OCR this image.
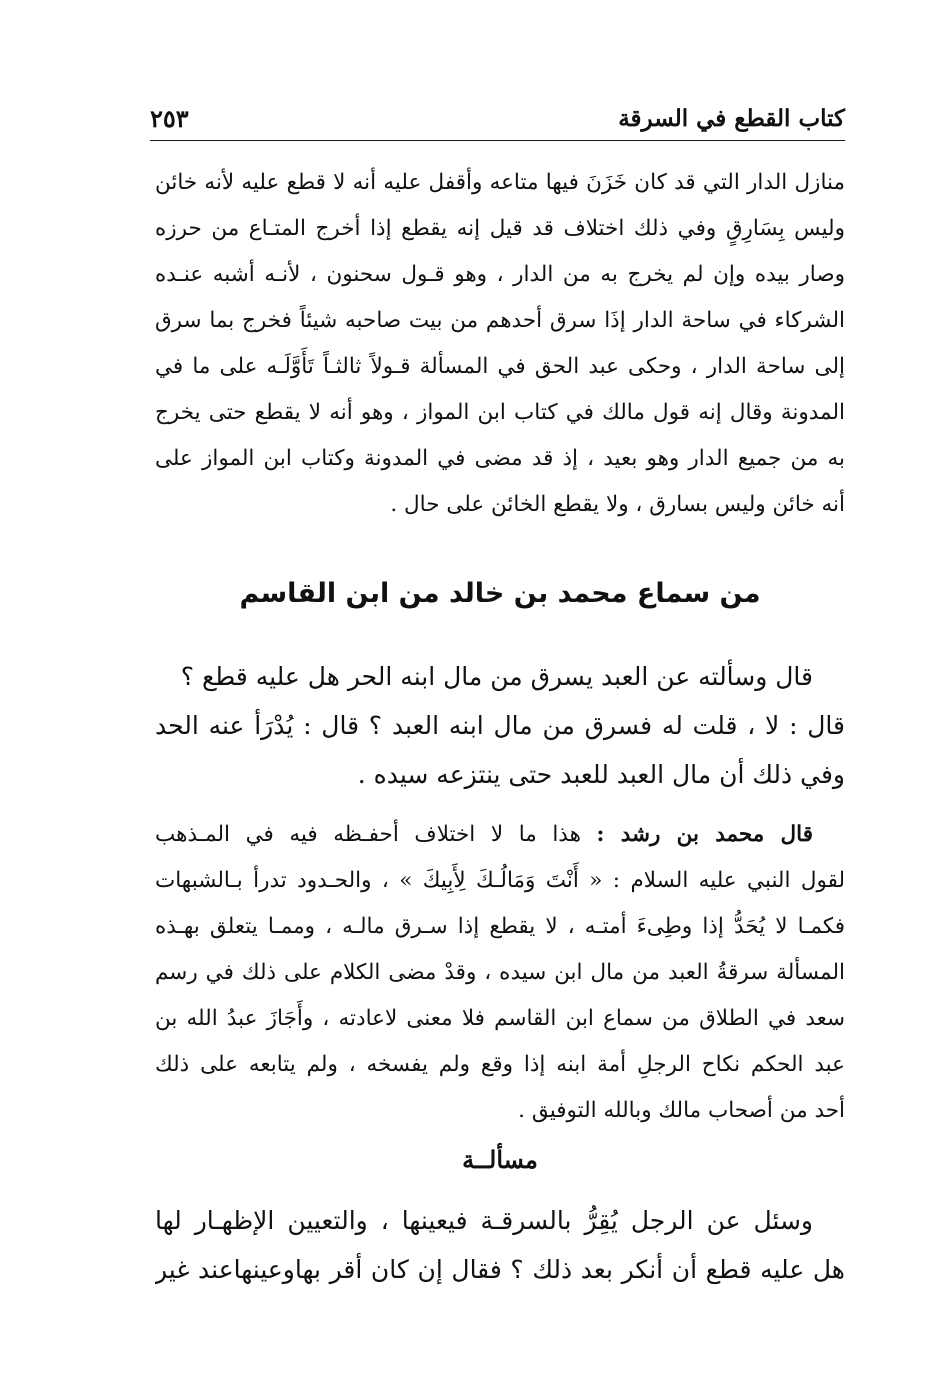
كتاب القطع في السرقة
٢٥٣
منازل الدار التي قد كان خَزَنَ فيها متاعه وأقفل عليه أنه لا قطع عليه لأنه خائن
وليس بِسَارِقٍ وفي ذلك اختلاف قد قيل إنه يقطع إذا أخرج المتـاع من حرزه
وصار بيده وإن لم يخرج به من الدار ، وهو قـول سحنون ، لأنـه أشبه عنـده
الشركاء في ساحة الدار إذَا سرق أحدهم من بيت صاحبه شيئاً فخرج بما سرق
إلى ساحة الدار ، وحكى عبد الحق في المسألة قـولاً ثالثـاً تَأَوَّلَـه على ما في
المدونة وقال إنه قول مالك في كتاب ابن المواز ، وهو أنه لا يقطع حتى يخرج
به من جميع الدار وهو بعيد ، إذ قد مضى في المدونة وكتاب ابن المواز على
أنه خائن وليس بسارق ، ولا يقطع الخائن على حال .
من سماع محمد بن خالد من ابن القاسم
قال وسألته عن العبد يسرق من مال ابنه الحر هل عليه قطع ؟
قال : لا ، قلت له فسرق من مال ابنه العبد ؟ قال : يُدْرَأ عنه الحد
وفي ذلك أن مال العبد للعبد حتى ينتزعه سيده .
قال محمد بن رشد : هذا ما لا اختلاف أحفـظه فيه في المـذهب
لقول النبي عليه السلام : « أَنْتَ وَمَالُـكَ لِأَبِيكَ » ، والحـدود تدرأ بـالشبهات
فكمـا لا يُحَدُّ إذا وطِىءَ أمتـه ، لا يقطع إذا سـرق مالـه ، وممـا يتعلق بهـذه
المسألة سرقةُ العبد من مال ابن سيده ، وقدْ مضى الكلام على ذلك في رسم
سعد في الطلاق من سماع ابن القاسم فلا معنى لاعادته ، وأَجَازَ عبدُ الله بن
عبد الحكم نكاح الرجلِ أمة ابنه إذا وقع ولم يفسخه ، ولم يتابعه على ذلك
أحد من أصحاب مالك وبالله التوفيق .
مسألــة
وسئل عن الرجل يُقِرُّ بالسرقـة فيعينها ، والتعيين الإظهـار لها
هل عليه قطع أن أنكر بعد ذلك ؟ فقال إن كان أقر بهاوعينهاعند غير
